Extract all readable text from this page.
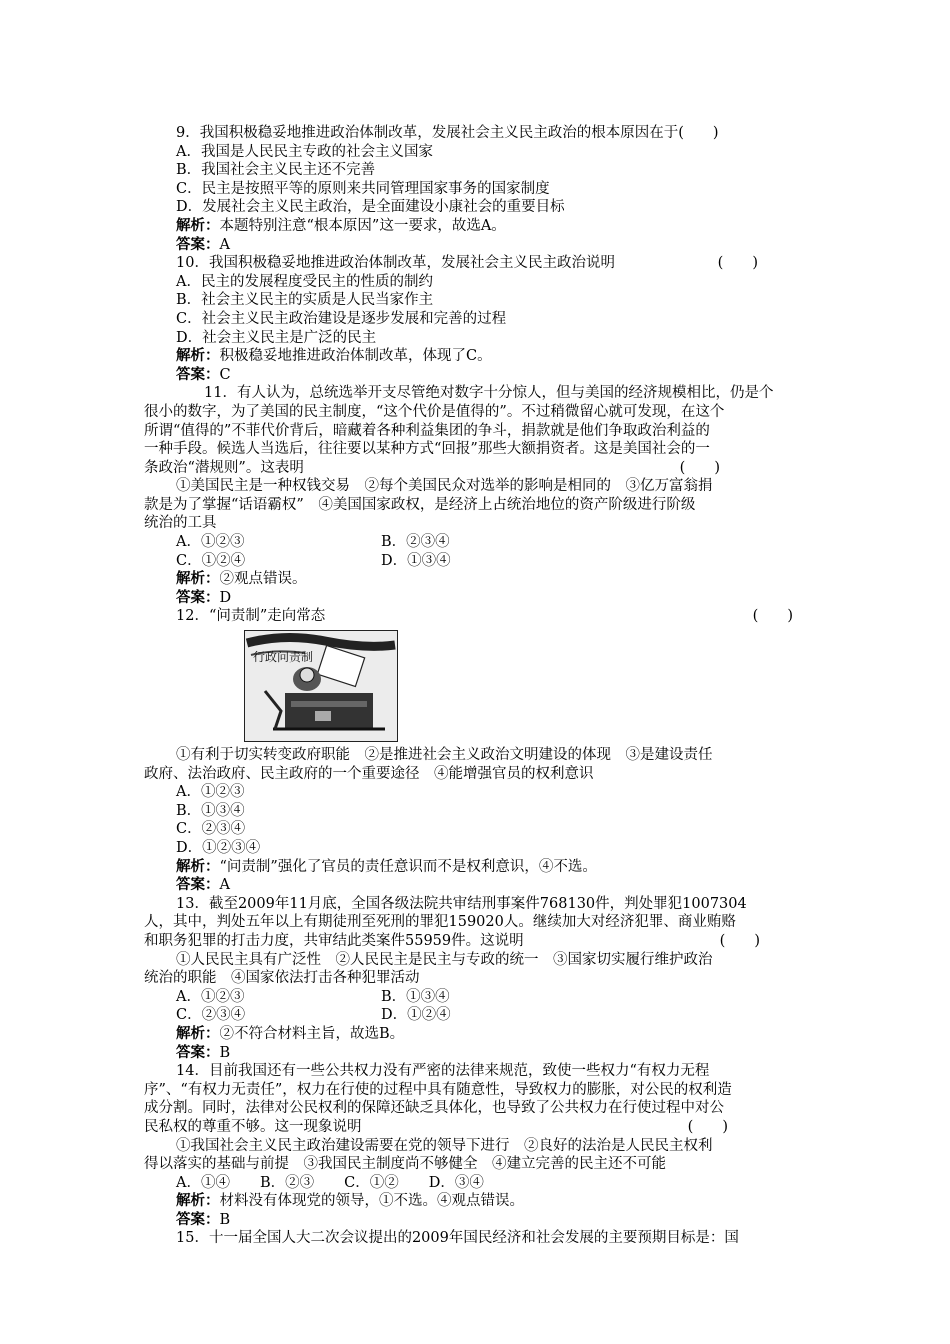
9．我国积极稳妥地推进政治体制改革，发展社会主义民主政治的根本原因在于(　　)
A．我国是人民民主专政的社会主义国家
B．我国社会主义民主还不完善
C．民主是按照平等的原则来共同管理国家事务的国家制度
D．发展社会主义民主政治，是全面建设小康社会的重要目标
解析：本题特别注意“根本原因”这一要求，故选A。
答案：A
10．我国积极稳妥地推进政治体制改革，发展社会主义民主政治说明	(　　)
A．民主的发展程度受民主的性质的制约
B．社会主义民主的实质是人民当家作主
C．社会主义民主政治建设是逐步发展和完善的过程
D．社会主义民主是广泛的民主
解析：积极稳妥地推进政治体制改革，体现了C。
答案：C
11．有人认为，总统选举开支尽管绝对数字十分惊人，但与美国的经济规模相比，仍是个
很小的数字，为了美国的民主制度，“这个代价是值得的”。不过稍微留心就可发现，在这个
所谓“值得的”不菲代价背后，暗藏着各种利益集团的争斗，捐款就是他们争取政治利益的
一种手段。候选人当选后，往往要以某种方式“回报”那些大额捐资者。这是美国社会的一
条政治“潜规则”。这表明	(　　)
①美国民主是一种权钱交易　②每个美国民众对选举的影响是相同的　③亿万富翁捐
款是为了掌握“话语霸权”　④美国国家政权，是经济上占统治地位的资产阶级进行阶级
统治的工具
A．①②③	B．②③④
C．①②④	D．①③④
解析：②观点错误。
答案：D
12．“问责制”走向常态	(　　)
行政问责制
①有利于切实转变政府职能　②是推进社会主义政治文明建设的体现　③是建设责任
政府、法治政府、民主政府的一个重要途径　④能增强官员的权利意识
A．①②③
B．①③④
C．②③④
D．①②③④
解析：“问责制”强化了官员的责任意识而不是权利意识，④不选。
答案：A
13．截至2009年11月底，全国各级法院共审结刑事案件768130件，判处罪犯1007304
人，其中，判处五年以上有期徒刑至死刑的罪犯159020人。继续加大对经济犯罪、商业贿赂
和职务犯罪的打击力度，共审结此类案件55959件。这说明	(　　)
①人民民主具有广泛性　②人民民主是民主与专政的统一　③国家切实履行维护政治
统治的职能　④国家依法打击各种犯罪活动
A．①②③	B．①③④
C．②③④	D．①②④
解析：②不符合材料主旨，故选B。
答案：B
14．目前我国还有一些公共权力没有严密的法律来规范，致使一些权力“有权力无程
序”、“有权力无责任”，权力在行使的过程中具有随意性，导致权力的膨胀，对公民的权利造
成分割。同时，法律对公民权利的保障还缺乏具体化，也导致了公共权力在行使过程中对公
民私权的尊重不够。这一现象说明	(　　)
①我国社会主义民主政治建设需要在党的领导下进行　②良好的法治是人民民主权利
得以落实的基础与前提　③我国民主制度尚不够健全　④建立完善的民主还不可能
A．①④ B．②③ C．①② D．③④
解析：材料没有体现党的领导，①不选。④观点错误。
答案：B
15．十一届全国人大二次会议提出的2009年国民经济和社会发展的主要预期目标是：国
